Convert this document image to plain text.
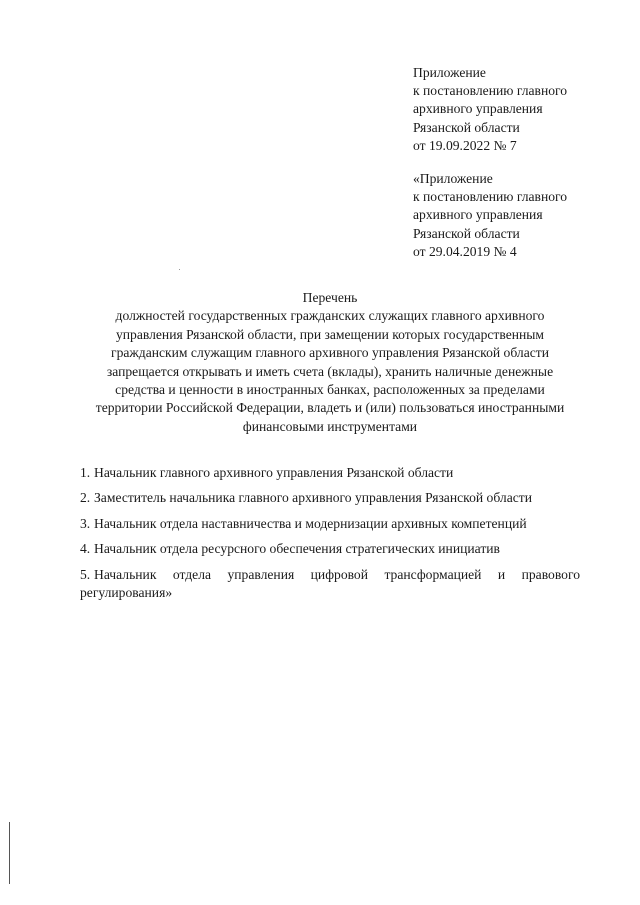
Приложение
к постановлению главного
архивного управления
Рязанской области
от 19.09.2022 № 7
«Приложение
к постановлению главного
архивного управления
Рязанской области
от 29.04.2019 № 4
Перечень
должностей государственных гражданских служащих главного архивного
управления Рязанской области, при замещении которых государственным
гражданским служащим главного архивного управления Рязанской области
запрещается открывать и иметь счета (вклады), хранить наличные денежные
средства и ценности в иностранных банках, расположенных за пределами
территории Российской Федерации, владеть и (или) пользоваться иностранными
финансовыми инструментами
1. Начальник главного архивного управления Рязанской области
2. Заместитель начальника главного архивного управления Рязанской области
3. Начальник отдела наставничества и модернизации архивных компетенций
4. Начальник отдела ресурсного обеспечения стратегических инициатив
5. Начальник отдела управления цифровой трансформацией и правового
регулирования»
